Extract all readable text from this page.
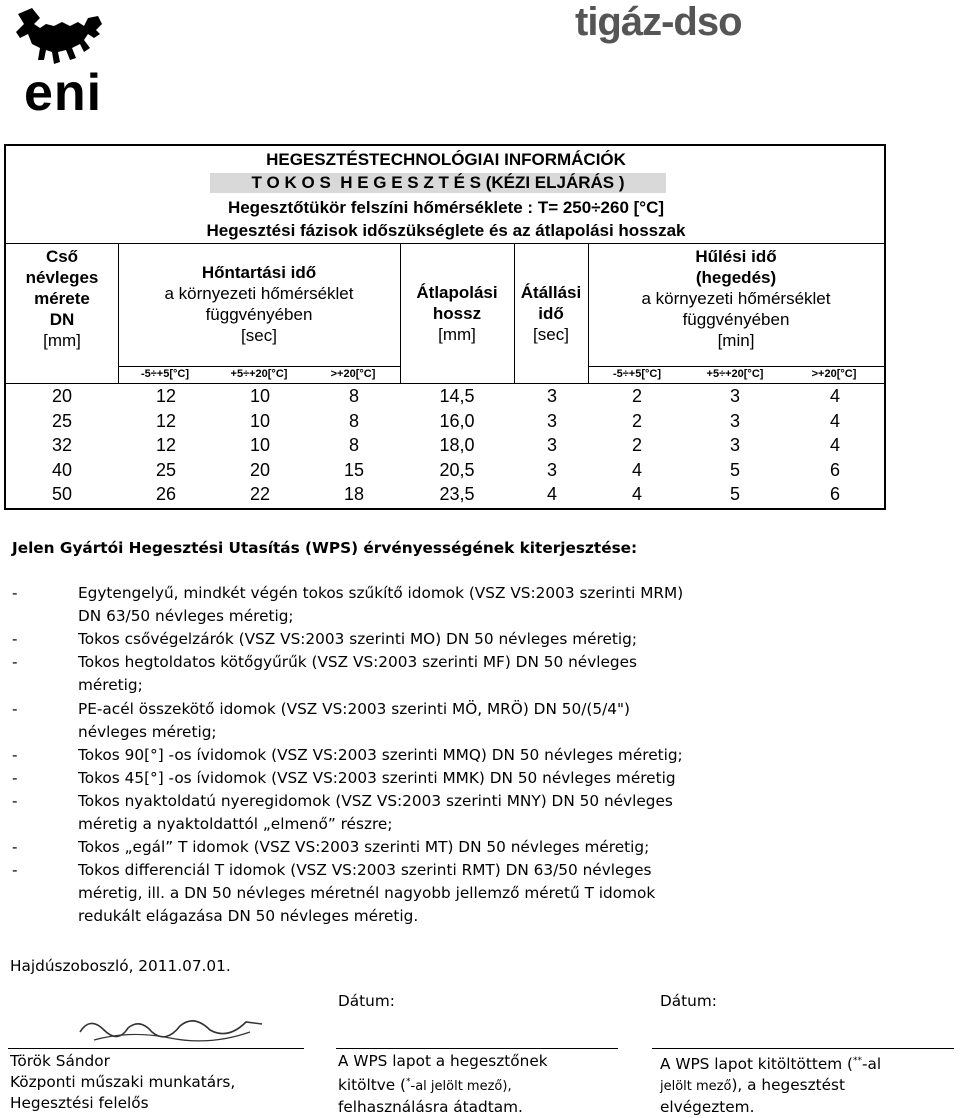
eni
tigáz-dso
HEGESZTÉSTECHNOLÓGIAI INFORMÁCIÓK
T O K O S  H E G E S Z T É S (KÉZI ELJÁRÁS )
Hegesztőtükör felszíni hőmérséklete : T= 250÷260 [°C]
Hegesztési fázisok időszükséglete és az átlapolási hosszak
Cső
névleges
mérete
DN
[mm]
Hőntartási idő
a környezeti hőmérséklet
függvényében
[sec]
Átlapolási
hossz
[mm]
Átállási
idő
[sec]
Hűlési idő
(hegedés)
a környezeti hőmérséklet
függvényében
[min]
-5÷+5[°C]	+5÷+20[°C]	>+20[°C]	-5÷+5[°C]	+5÷+20[°C]	>+20[°C]
20	12	10	8	14,5	3	2	3	4
25	12	10	8	16,0	3	2	3	4
32	12	10	8	18,0	3	2	3	4
40	25	20	15	20,5	3	4	5	6
50	26	22	18	23,5	4	4	5	6
Jelen Gyártói Hegesztési Utasítás (WPS) érvényességének kiterjesztése:
-	Egytengelyű, mindkét végén tokos szűkítő idomok (VSZ VS:2003 szerinti MRM)
DN 63/50 névleges méretig;
-	Tokos csővégelzárók (VSZ VS:2003 szerinti MO) DN 50 névleges méretig;
-	Tokos hegtoldatos kötőgyűrűk (VSZ VS:2003 szerinti MF) DN 50 névleges
méretig;
-	PE-acél összekötő idomok (VSZ VS:2003 szerinti MÖ, MRÖ) DN 50/(5/4")
névleges méretig;
-	Tokos 90[°] -os ívidomok (VSZ VS:2003 szerinti MMQ) DN 50 névleges méretig;
-	Tokos 45[°] -os ívidomok (VSZ VS:2003 szerinti MMK) DN 50 névleges méretig
-	Tokos nyaktoldatú nyeregidomok (VSZ VS:2003 szerinti MNY) DN 50 névleges
méretig a nyaktoldattól „elmenő” részre;
-	Tokos „egál” T idomok (VSZ VS:2003 szerinti MT) DN 50 névleges méretig;
-	Tokos differenciál T idomok (VSZ VS:2003 szerinti RMT) DN 63/50 névleges
méretig, ill. a DN 50 névleges méretnél nagyobb jellemző méretű T idomok
redukált elágazása DN 50 névleges méretig.
Hajdúszoboszló, 2011.07.01.
Dátum:	Dátum:
Török Sándor
Központi műszaki munkatárs,
Hegesztési felelős
A WPS lapot a hegesztőnek
kitöltve (*-al jelölt mező),
felhasználásra átadtam.
A WPS lapot kitöltöttem (**-al
jelölt mező), a hegesztést
elvégeztem.
